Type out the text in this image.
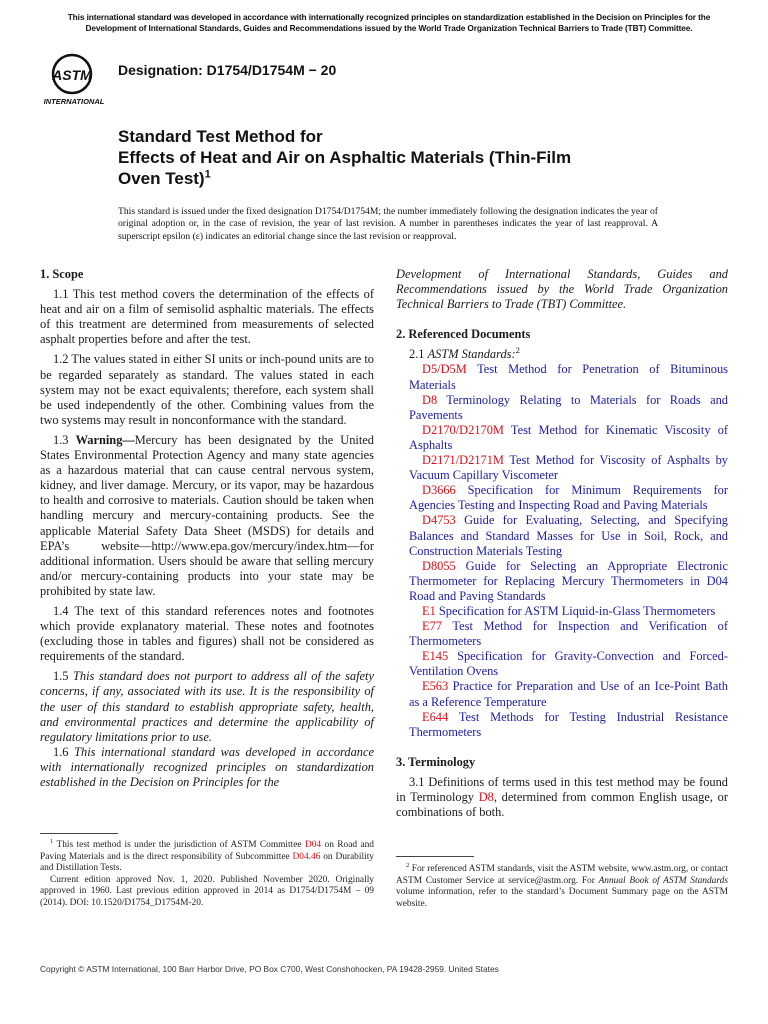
This international standard was developed in accordance with internationally recognized principles on standardization established in the Decision on Principles for the Development of International Standards, Guides and Recommendations issued by the World Trade Organization Technical Barriers to Trade (TBT) Committee.
ASTM
INTERNATIONAL
Designation: D1754/D1754M − 20
Standard Test Method for
Effects of Heat and Air on Asphaltic Materials (Thin-Film
Oven Test)$^1$
This standard is issued under the fixed designation D1754/D1754M; the number immediately following the designation indicates the year of original adoption or, in the case of revision, the year of last revision. A number in parentheses indicates the year of last reapproval. A superscript epsilon (ε) indicates an editorial change since the last revision or reapproval.
1. Scope

1.1 This test method covers the determination of the effects of heat and air on a film of semisolid asphaltic materials. The effects of this treatment are determined from measurements of selected asphalt properties before and after the test.

1.2 The values stated in either SI units or inch-pound units are to be regarded separately as standard. The values stated in each system may not be exact equivalents; therefore, each system shall be used independently of the other. Combining values from the two systems may result in nonconformance with the standard.

1.3 Warning—Mercury has been designated by the United States Environmental Protection Agency and many state agencies as a hazardous material that can cause central nervous system, kidney, and liver damage. Mercury, or its vapor, may be hazardous to health and corrosive to materials. Caution should be taken when handling mercury and mercury-containing products. See the applicable Material Safety Data Sheet (MSDS) for details and EPA’s website—http://www.epa.gov/mercury/index.htm—for additional information. Users should be aware that selling mercury and/or mercury-containing products into your state may be prohibited by state law.

1.4 The text of this standard references notes and footnotes which provide explanatory material. These notes and footnotes (excluding those in tables and figures) shall not be considered as requirements of the standard.

1.5 This standard does not purport to address all of the safety concerns, if any, associated with its use. It is the responsibility of the user of this standard to establish appropriate safety, health, and environmental practices and determine the applicability of regulatory limitations prior to use.

1.6 This international standard was developed in accordance with internationally recognized principles on standardization established in the Decision on Principles for the

$^1$ This test method is under the jurisdiction of ASTM Committee D04 on Road and Paving Materials and is the direct responsibility of Subcommittee D04.46 on Durability and Distillation Tests.

Current edition approved Nov. 1, 2020. Published November 2020. Originally approved in 1960. Last previous edition approved in 2014 as D1754/D1754M – 09 (2014). DOI: 10.1520/D1754_D1754M-20.

Development of International Standards, Guides and Recommendations issued by the World Trade Organization Technical Barriers to Trade (TBT) Committee.

2. Referenced Documents

2.1 ASTM Standards:$^2$

D5/D5M Test Method for Penetration of Bituminous Materials

D8 Terminology Relating to Materials for Roads and Pavements

D2170/D2170M Test Method for Kinematic Viscosity of Asphalts

D2171/D2171M Test Method for Viscosity of Asphalts by Vacuum Capillary Viscometer

D3666 Specification for Minimum Requirements for Agencies Testing and Inspecting Road and Paving Materials

D4753 Guide for Evaluating, Selecting, and Specifying Balances and Standard Masses for Use in Soil, Rock, and Construction Materials Testing

D8055 Guide for Selecting an Appropriate Electronic Thermometer for Replacing Mercury Thermometers in D04 Road and Paving Standards

E1 Specification for ASTM Liquid-in-Glass Thermometers

E77 Test Method for Inspection and Verification of Thermometers

E145 Specification for Gravity-Convection and Forced-Ventilation Ovens

E563 Practice for Preparation and Use of an Ice-Point Bath as a Reference Temperature

E644 Test Methods for Testing Industrial Resistance Thermometers

3. Terminology

3.1 Definitions of terms used in this test method may be found in Terminology D8, determined from common English usage, or combinations of both.

$^2$ For referenced ASTM standards, visit the ASTM website, www.astm.org, or contact ASTM Customer Service at service@astm.org. For Annual Book of ASTM Standards volume information, refer to the standard’s Document Summary page on the ASTM website.

Copyright © ASTM International, 100 Barr Harbor Drive, PO Box C700, West Conshohocken, PA 19428-2959. United States
